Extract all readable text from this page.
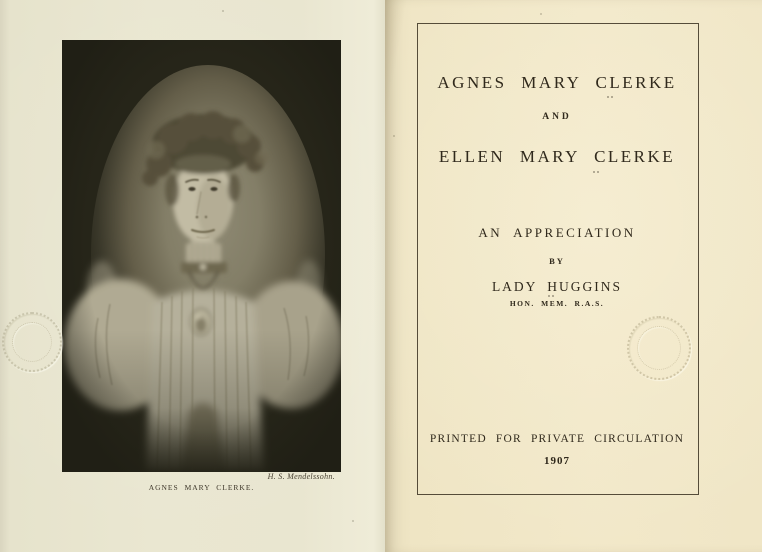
H. S. Mendelssohn.
AGNES MARY CLERKE.
AGNES MARY CLERKE
AND
ELLEN MARY CLERKE
AN APPRECIATION
BY
LADY HUGGINS
HON. MEM. R.A.S.
PRINTED FOR PRIVATE CIRCULATION
1907
